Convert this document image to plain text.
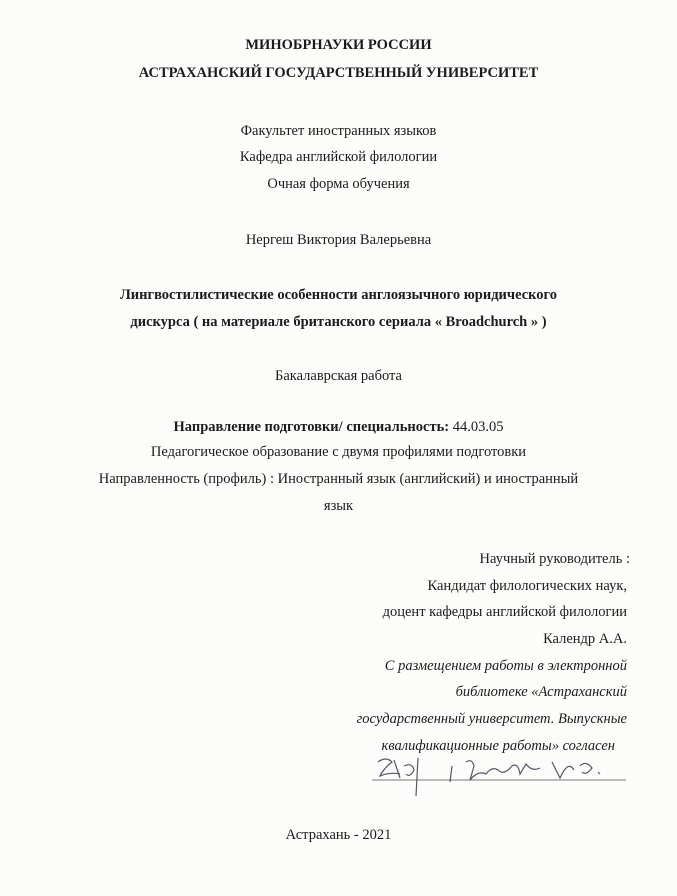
МИНОБРНАУКИ РОССИИ
АСТРАХАНСКИЙ ГОСУДАРСТВЕННЫЙ УНИВЕРСИТЕТ
Факультет иностранных языков
Кафедра английской филологии
Очная форма обучения
Нергеш Виктория Валерьевна
Лингвостилистические особенности англоязычного юридического
дискурса ( на материале британского сериала « Broadchurch » )
Бакалаврская работа
Направление подготовки/ специальность: 44.03.05
Педагогическое образование с двумя профилями подготовки
Направленность (профиль) : Иностранный язык (английский) и иностранный
язык
Научный руководитель :
Кандидат филологических наук,
доцент кафедры английской филологии
Календр А.А.
С размещением работы в электронной
библиотеке «Астраханский
государственный университет. Выпускные
квалификационные работы» согласен
Астрахань - 2021
